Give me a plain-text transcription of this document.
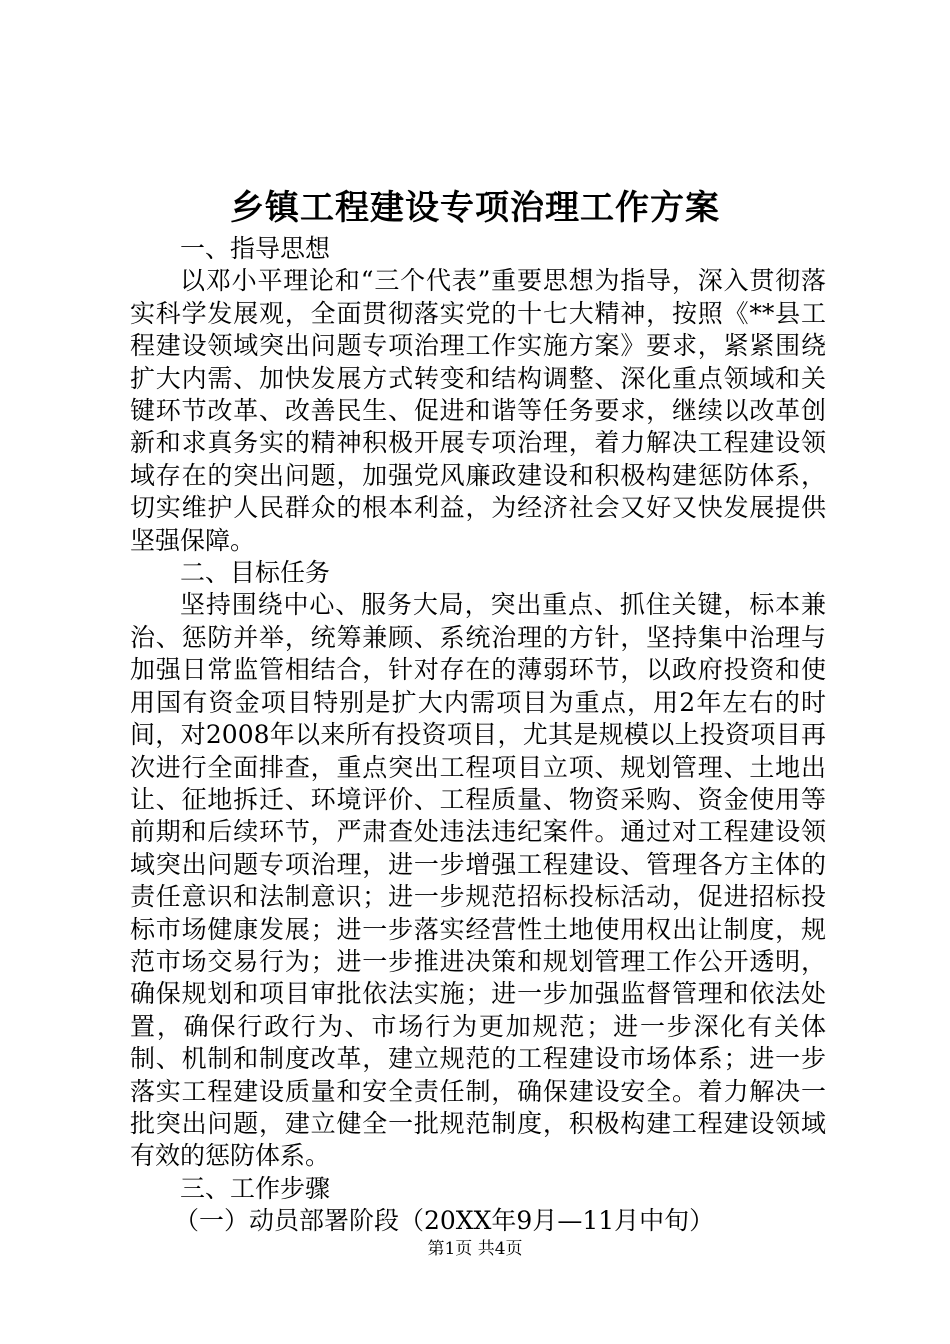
乡镇工程建设专项治理工作方案

一、指导思想

以邓小平理论和“三个代表”重要思想为指导，深入贯彻落实科学发展观，全面贯彻落实党的十七大精神，按照《**县工程建设领域突出问题专项治理工作实施方案》要求，紧紧围绕扩大内需、加快发展方式转变和结构调整、深化重点领域和关键环节改革、改善民生、促进和谐等任务要求，继续以改革创新和求真务实的精神积极开展专项治理，着力解决工程建设领域存在的突出问题，加强党风廉政建设和积极构建惩防体系，切实维护人民群众的根本利益，为经济社会又好又快发展提供坚强保障。

二、目标任务

坚持围绕中心、服务大局，突出重点、抓住关键，标本兼治、惩防并举，统筹兼顾、系统治理的方针，坚持集中治理与加强日常监管相结合，针对存在的薄弱环节，以政府投资和使用国有资金项目特别是扩大内需项目为重点，用2年左右的时间，对2008年以来所有投资项目，尤其是规模以上投资项目再次进行全面排查，重点突出工程项目立项、规划管理、土地出让、征地拆迁、环境评价、工程质量、物资采购、资金使用等前期和后续环节，严肃查处违法违纪案件。通过对工程建设领域突出问题专项治理，进一步增强工程建设、管理各方主体的责任意识和法制意识；进一步规范招标投标活动，促进招标投标市场健康发展；进一步落实经营性土地使用权出让制度，规范市场交易行为；进一步推进决策和规划管理工作公开透明，确保规划和项目审批依法实施；进一步加强监督管理和依法处置，确保行政行为、市场行为更加规范；进一步深化有关体制、机制和制度改革，建立规范的工程建设市场体系；进一步落实工程建设质量和安全责任制，确保建设安全。着力解决一批突出问题，建立健全一批规范制度，积极构建工程建设领域有效的惩防体系。

三、工作步骤

（一）动员部署阶段（20XX年9月—11月中旬）

第1页 共4页
